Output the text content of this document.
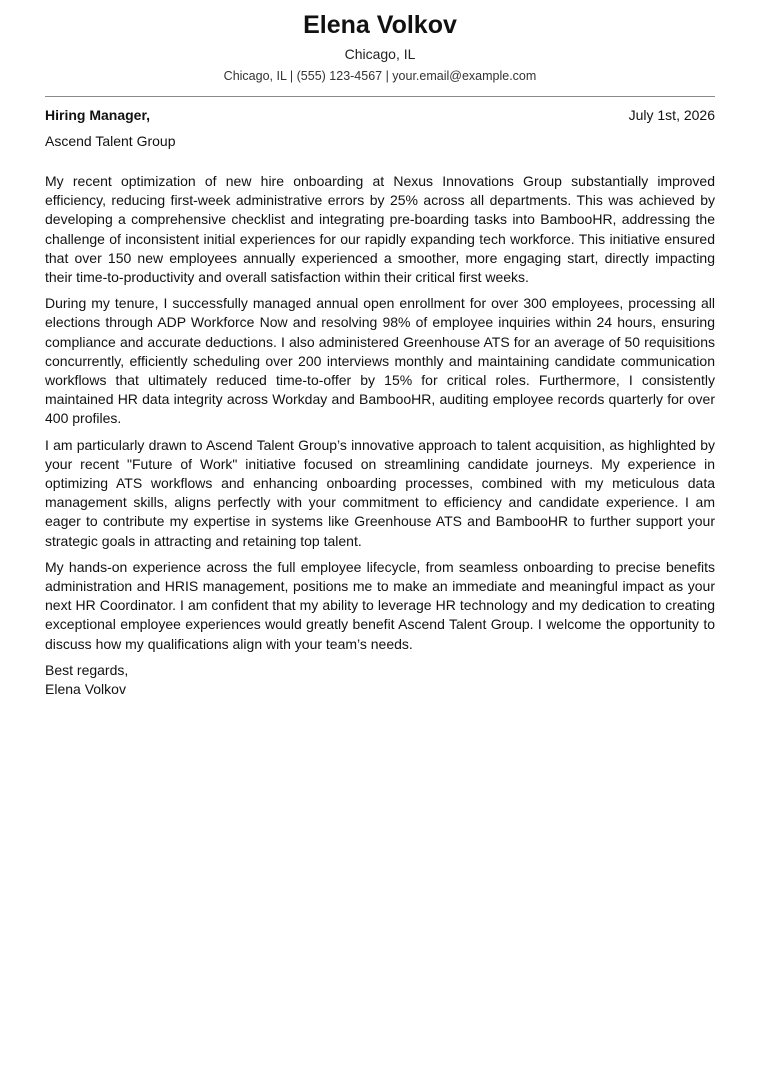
Elena Volkov
Chicago, IL
Chicago, IL | (555) 123-4567 | your.email@example.com
Hiring Manager,	July 1st, 2026
Ascend Talent Group

My recent optimization of new hire onboarding at Nexus Innovations Group substantially improved efficiency, reducing first-week administrative errors by 25% across all departments. This was achieved by developing a comprehensive checklist and integrating pre-boarding tasks into BambooHR, addressing the challenge of inconsistent initial experiences for our rapidly expanding tech workforce. This initiative ensured that over 150 new employees annually experienced a smoother, more engaging start, directly impacting their time-to-productivity and overall satisfaction within their critical first weeks.

During my tenure, I successfully managed annual open enrollment for over 300 employees, processing all elections through ADP Workforce Now and resolving 98% of employee inquiries within 24 hours, ensuring compliance and accurate deductions. I also administered Greenhouse ATS for an average of 50 requisitions concurrently, efficiently scheduling over 200 interviews monthly and maintaining candidate communication workflows that ultimately reduced time-to-offer by 15% for critical roles. Furthermore, I consistently maintained HR data integrity across Workday and BambooHR, auditing employee records quarterly for over 400 profiles.

I am particularly drawn to Ascend Talent Group’s innovative approach to talent acquisition, as highlighted by your recent "Future of Work" initiative focused on streamlining candidate journeys. My experience in optimizing ATS workflows and enhancing onboarding processes, combined with my meticulous data management skills, aligns perfectly with your commitment to efficiency and candidate experience. I am eager to contribute my expertise in systems like Greenhouse ATS and BambooHR to further support your strategic goals in attracting and retaining top talent.

My hands-on experience across the full employee lifecycle, from seamless onboarding to precise benefits administration and HRIS management, positions me to make an immediate and meaningful impact as your next HR Coordinator. I am confident that my ability to leverage HR technology and my dedication to creating exceptional employee experiences would greatly benefit Ascend Talent Group. I welcome the opportunity to discuss how my qualifications align with your team’s needs.

Best regards,
Elena Volkov
